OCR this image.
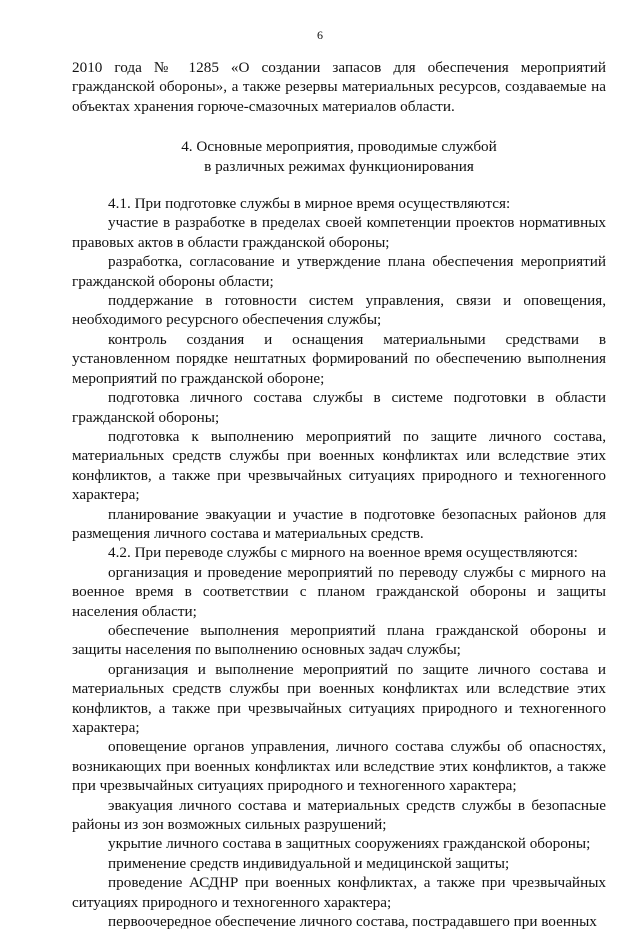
6

2010 года № 1285 «О создании запасов для обеспечения мероприятий гражданской обороны», а также резервы материальных ресурсов, создаваемые на объектах хранения горюче-смазочных материалов области.

4. Основные мероприятия, проводимые службой
в различных режимах функционирования

4.1. При подготовке службы в мирное время осуществляются:

участие в разработке в пределах своей компетенции проектов нормативных правовых актов в области гражданской обороны;

разработка, согласование и утверждение плана обеспечения мероприятий гражданской обороны области;

поддержание в готовности систем управления, связи и оповещения, необходимого ресурсного обеспечения службы;

контроль создания и оснащения материальными средствами в установленном порядке нештатных формирований по обеспечению выполнения мероприятий по гражданской обороне;

подготовка личного состава службы в системе подготовки в области гражданской обороны;

подготовка к выполнению мероприятий по защите личного состава, материальных средств службы при военных конфликтах или вследствие этих конфликтов, а также при чрезвычайных ситуациях природного и техногенного характера;

планирование эвакуации и участие в подготовке безопасных районов для размещения личного состава и материальных средств.

4.2. При переводе службы с мирного на военное время осуществляются:

организация и проведение мероприятий по переводу службы с мирного на военное время в соответствии с планом гражданской обороны и защиты населения области;

обеспечение выполнения мероприятий плана гражданской обороны и защиты населения по выполнению основных задач службы;

организация и выполнение мероприятий по защите личного состава и материальных средств службы при военных конфликтах или вследствие этих конфликтов, а также при чрезвычайных ситуациях природного и техногенного характера;

оповещение органов управления, личного состава службы об опасностях, возникающих при военных конфликтах или вследствие этих конфликтов, а также при чрезвычайных ситуациях природного и техногенного характера;

эвакуация личного состава и материальных средств службы в безопасные районы из зон возможных сильных разрушений;

укрытие личного состава в защитных сооружениях гражданской обороны;

применение средств индивидуальной и медицинской защиты;

проведение АСДНР при военных конфликтах, а также при чрезвычайных ситуациях природного и техногенного характера;

первоочередное обеспечение личного состава, пострадавшего при военных
